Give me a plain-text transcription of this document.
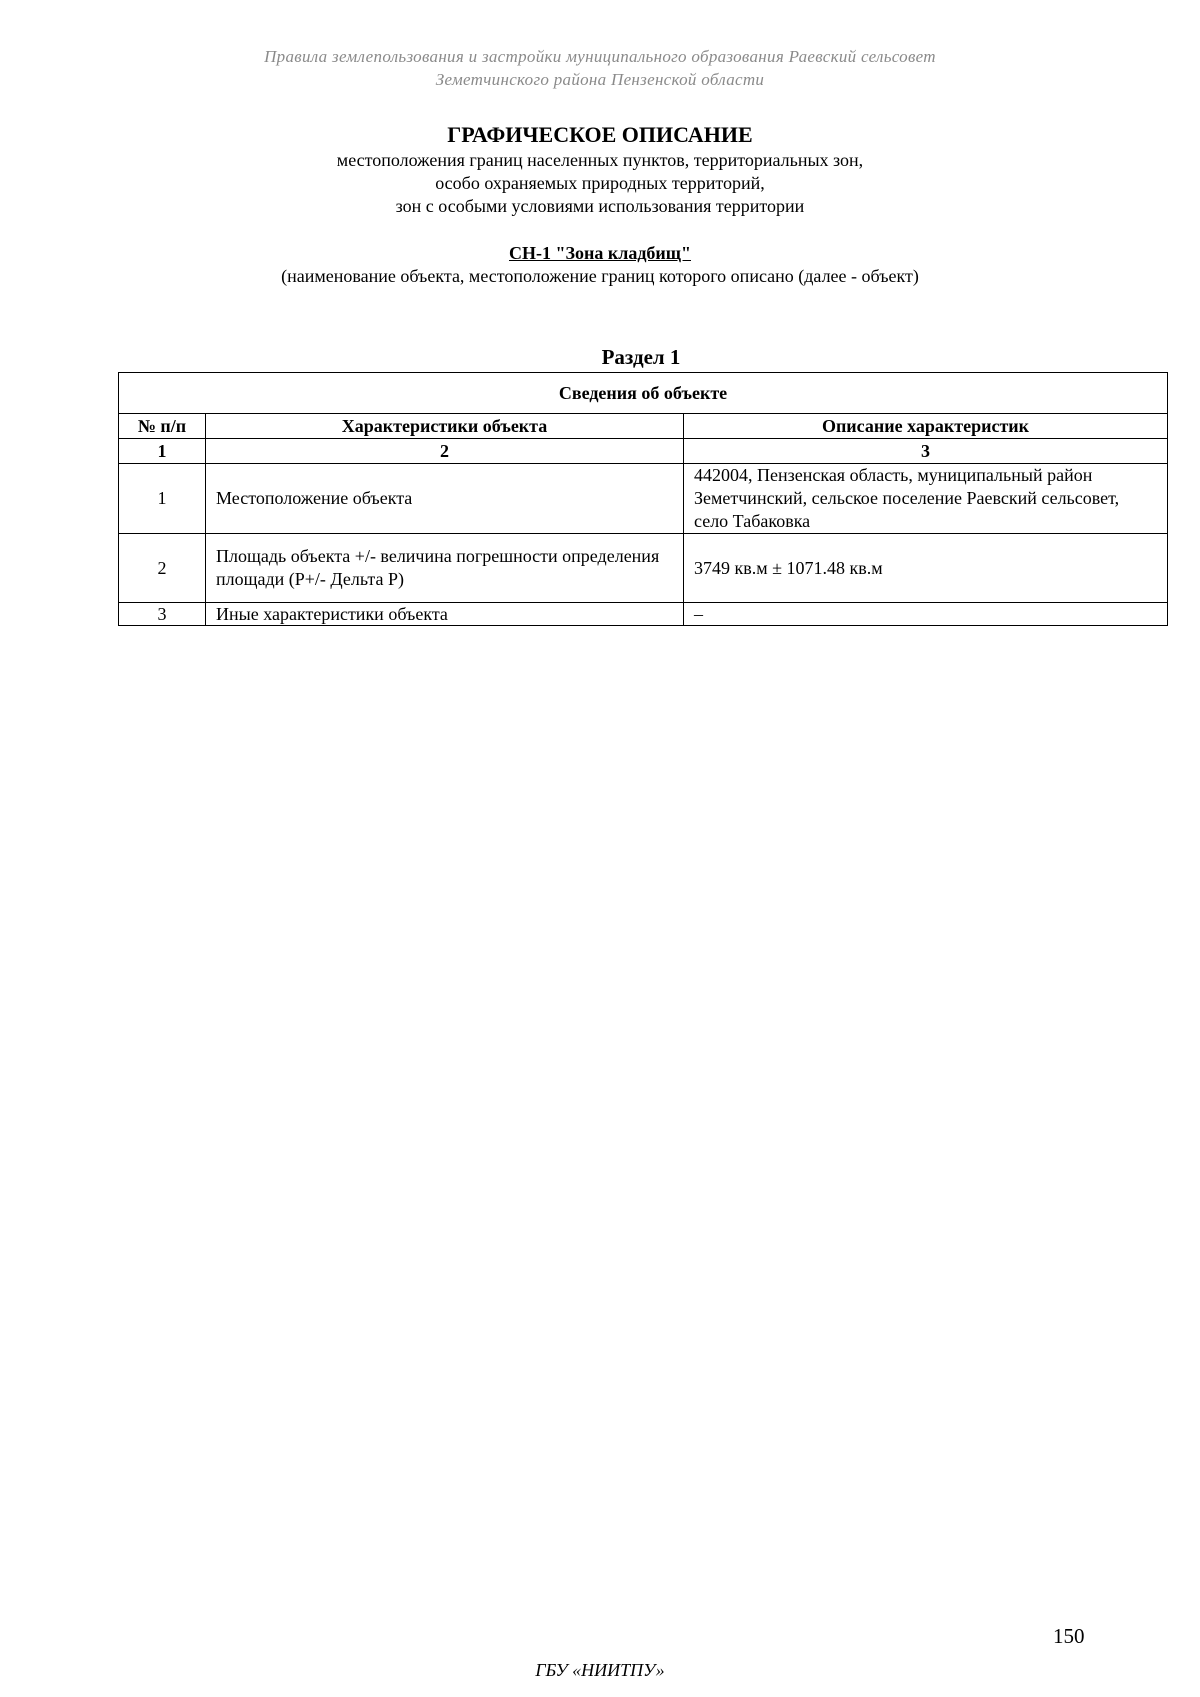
Правила землепользования и застройки муниципального образования Раевский сельсовет
Земетчинского района Пензенской области
ГРАФИЧЕСКОЕ ОПИСАНИЕ
местоположения границ населенных пунктов, территориальных зон,
особо охраняемых природных территорий,
зон с особыми условиями использования территории
СН-1 "Зона кладбищ"
(наименование объекта, местоположение границ которого описано (далее - объект)
Раздел 1
Сведения об объекте		
№ п/п	Характеристики объекта	Описание характеристик
1	2	3
1	Местоположение объекта	442004, Пензенская область, муниципальный район Земетчинский, сельское поселение Раевский сельсовет, село Табаковка
2	Площадь объекта +/- величина погрешности определения площади (Р+/- Дельта Р)	3749 кв.м ± 1071.48 кв.м
3	Иные характеристики объекта	–
150
ГБУ «НИИТПУ»
